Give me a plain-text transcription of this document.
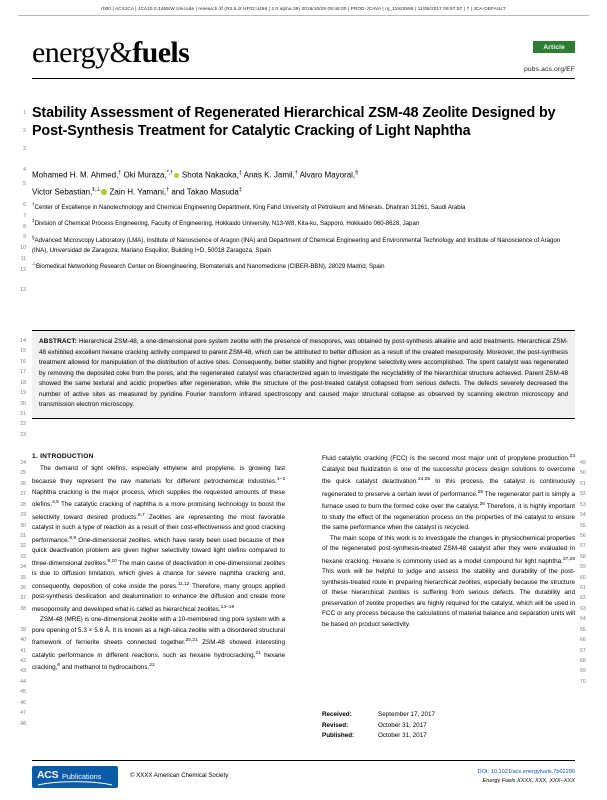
rb00 | ACSJCA | JCA10.0.1465/W Unicode | research.3f (R3.6.i2 HF02:4458 | 2.0 alpha.39) 2016/10/28 09:46:00 | PROD-JCAVA | rq_11920595 | 11/09/2017 09:57:57 | 7 | JCA-DEFAULT
energy&fuels	Article
pubs.acs.org/EF
Stability Assessment of Regenerated Hierarchical ZSM-48 Zeolite Designed by Post-Synthesis Treatment for Catalytic Cracking of Light Naphtha
Mohamed H. M. Ahmed,† Oki Muraza,*,† Shota Nakaoka,‡ Anas K. Jamil,† Alvaro Mayoral,§
Victor Sebastian,‖,⊥ Zain H. Yamani,† and Takao Masuda‡
†Center of Excellence in Nanotechnology and Chemical Engineering Department, King Fahd University of Petroleum and Minerals, Dhahran 31261, Saudi Arabia
‡Division of Chemical Process Engineering, Faculty of Engineering, Hokkaido University, N13-W8, Kita-ku, Sapporo, Hokkaido 060-8628, Japan
§Advanced Microscopy Laboratory (LMA), Institute of Nanoscience of Aragon (INA) and Department of Chemical Engineering and Environmental Technology and Institute of Nanoscience of Aragon (INA), Universidad de Zaragoza, Mariano Esquillor, Building I+D, 50018 Zaragoza, Spain
⊥Biomedical Networking Research Center on Bioengineering, Biomaterials and Nanomedicine (CIBER-BBN), 28029 Madrid, Spain
ABSTRACT: Hierarchical ZSM-48, a one-dimensional pore system zeolite with the presence of mesopores, was obtained by post-synthesis alkaline and acid treatments. Hierarchical ZSM-48 exhibited excellent hexane cracking activity compared to parent ZSM-48, which can be attributed to better diffusion as a result of the created mesoporosity. Moreover, the post-synthesis treatment allowed for manipulation of the distribution of active sites. Consequently, better stability and higher propylene selectivity were accomplished. The spent catalyst was regenerated by removing the deposited coke from the pores, and the regenerated catalyst was characterized again to investigate the recyclability of the hierarchical structure achieved. Parent ZSM-48 showed the same textural and acidic properties after regeneration, while the structure of the post-treated catalyst collapsed from serious defects. The defects severely decreased the number of active sites as measured by pyridine Fourier transform infrared spectroscopy and caused major structural collapse as observed by scanning electron microscopy and transmission electron microscopy.
1. INTRODUCTION

The demand of light olefins, especially ethylene and propylene, is growing fast because they represent the raw materials for different petrochemical industries.$^{1-3}$ Naphtha cracking is the major process, which supplies the requested amounts of these olefins.$^{4,5}$ The catalytic cracking of naphtha is a more promising technology to boost the selectivity toward desired products.$^{6,7}$ Zeolites are representing the most favorable catalyst in such a type of reaction as a result of their cost-effectiveness and good cracking performance.$^{8,9}$ One-dimensional zeolites, which have rarely been used because of their quick deactivation problem are given higher selectivity toward light olefins compared to three-dimensional zeolites.$^{9,10}$ The main cause of deactivation in one-dimensional zeolites is due to diffusion limitation, which gives a chance for severe naphtha cracking and, consequently, deposition of coke inside the pores.$^{11,12}$ Therefore, many groups applied post-synthesis desilication and dealumination to enhance the diffusion and create more mesoporosity and developed what is called as hierarchical zeolites.$^{13-19}$

ZSM-48 (MRE) is one-dimensional zeolite with a 10-membered ring pore system with a pore opening of 5.3 × 5.6 Å. It is known as a high-silica zeolite with a disordered structural framework of ferrierite sheets connected together.$^{20,21}$ ZSM-48 showed interesting catalytic performance in different reactions, such as hexane hydrocracking,$^{21}$ hexane cracking,$^6$ and methanol to hydrocarbons.$^{22}$

Fluid catalytic cracking (FCC) is the second most major unit of propylene production.$^{23}$ Catalyst bed fluidization is one of the successful process design solutions to overcome the quick catalyst deactivation.$^{24,25}$ In this process, the catalyst is continuously regenerated to preserve a certain level of performance.$^{25}$ The regenerator part is simply a furnace used to burn the formed coke over the catalyst.$^{26}$ Therefore, it is highly important to study the effect of the regeneration process on the properties of the catalyst to ensure the same performance when the catalyst is recycled.

The main scope of this work is to investigate the changes in physiochemical properties of the regenerated post-synthesis-treated ZSM-48 catalyst after they were evaluated in hexane cracking. Hexane is commonly used as a model compound for light naphtha.$^{27,28}$ This work will be helpful to judge and assess the stability and durability of the post-synthesis-treated route in preparing hierarchical zeolites, especially because the structure of these hierarchical zeolites is suffering from serious defects. The durability and preservation of zeolite properties are highly required for the catalyst, which will be used in FCC or any process because the calculations of material balance and separation units will be based on product selectivity.

Received:	September 17, 2017
Revised:	October 31, 2017
Published:	October 31, 2017
ACS Publications	© XXXX American Chemical Society	DOI: 10.1021/acs.energyfuels.7b02296
Energy Fuels XXXX, XXX, XXX−XXX
1
2
3
4
5
6
7
8
9
10
11
12
13
14
15
16
17
18
19
20
21
22
23
24
25
26
27
28
29
30
31
32
33
34
35
36
37
38
39
40
41
42
43
44
45
46
47
48
49
50
51
52
53
54
55
56
57
58
59
60
61
62
63
64
65
66
67
68
69
70
